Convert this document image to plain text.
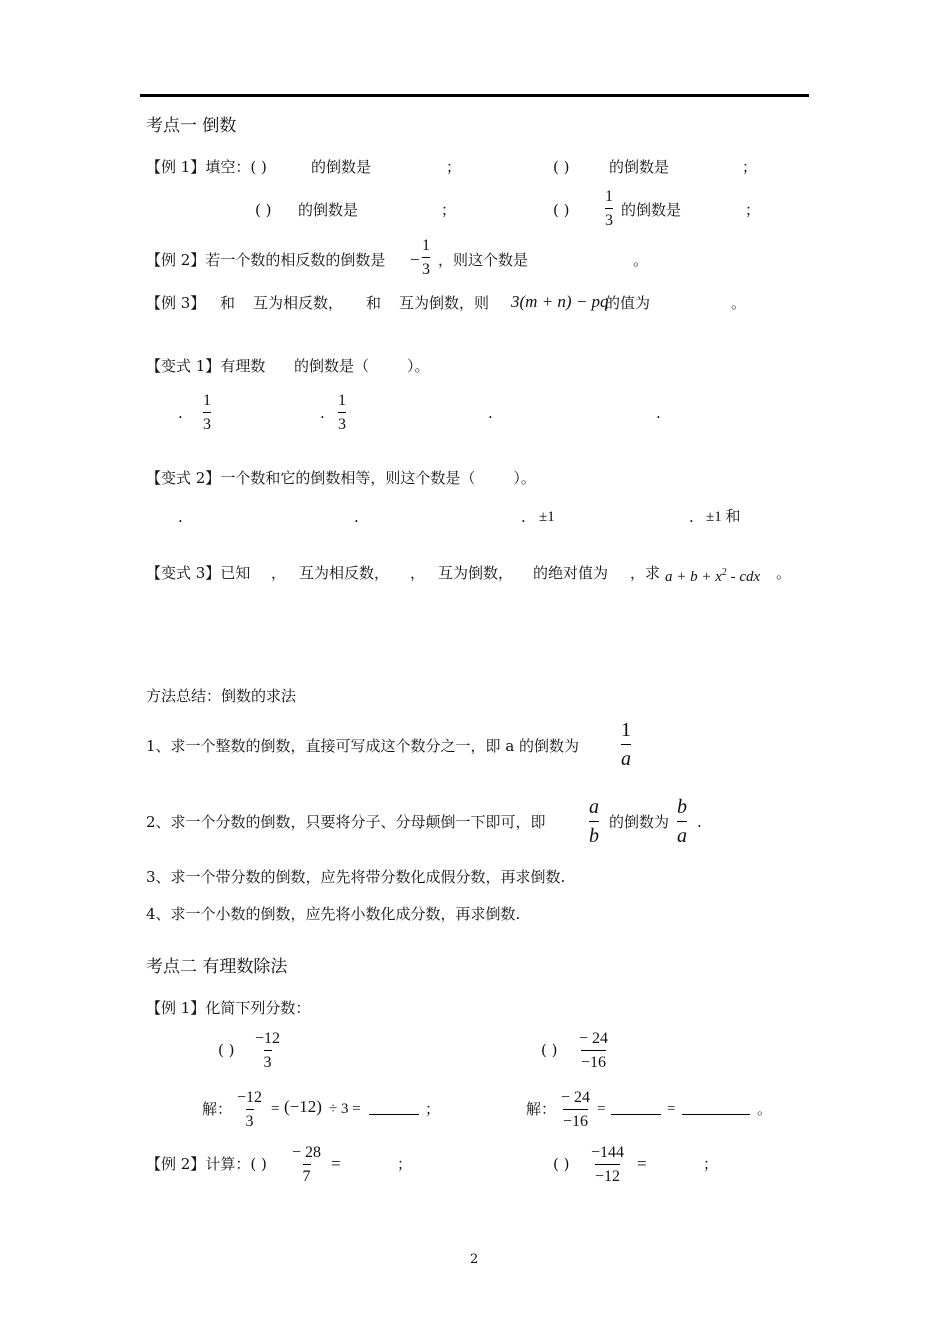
考点一 倒数
【例 1】填空：( )	的倒数是	；	( )	的倒数是	；
( ) 的倒数是	；	( ) $\frac{1}{3}$ 的倒数是	；
【例 2】若一个数的相反数的倒数是 − $\frac{1}{3}$ ，则这个数是	。
【例 3】 和 互为相反数， 和 互为倒数，则 3(m + n) − pq
的值为	。
【变式 1】有理数 的倒数是（	）。
. $\frac{1}{3}$	. $\frac{1}{3}$	.	.
【变式 2】一个数和它的倒数相等，则这个数是（	）。
.	.	. ±1	. ±1 和
【变式 3】已知 ， 互为相反数， ， 互为倒数， 的绝对值为 ，求 $a + b + x^2$ - cdx 。
方法总结：倒数的求法
1、求一个整数的倒数，直接可写成这个数分之一，即 a 的倒数为 $\frac{1}{a}$
2、求一个分数的倒数，只要将分子、分母颠倒一下即可，即 $\frac{a}{b}$ 的倒数为 $\frac{b}{a}$ .
3、求一个带分数的倒数，应先将带分数化成假分数，再求倒数.
4、求一个小数的倒数，应先将小数化成分数，再求倒数.
考点二 有理数除法
【例 1】化简下列分数：
( ) $\frac{-12}{3}$	( ) $\frac{- 24}{-16}$
解： $\frac{-12}{3} = (-12) \div 3$ =	；	解： $\frac{- 24}{-16}$ =	=	。
【例 2】计算：( ) $\frac{- 28}{7}$ =	；	( ) $\frac{-144}{-12}$ =	；
2
